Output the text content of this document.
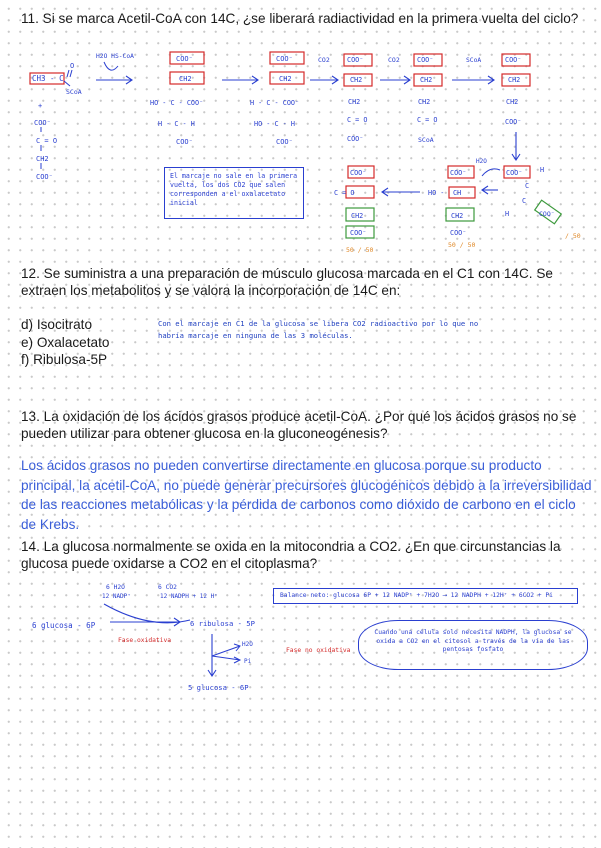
11. Si se marca Acetil-CoA con 14C, ¿se liberará radiactividad en la primera vuelta del ciclo?

CH3 - C
O
SCoA
+
COO⁻
C = O
CH2
COO⁻
H2O HS-CoA	COO⁻
CH2
HO - C - COO⁻
H - C - H
COO⁻
COO⁻
CH2
H - C - COO⁻
HO - C - H
COO⁻
CO2	COO⁻
CH2
CH2
C = O
COO⁻
CO2	COO⁻
CH2
CH2
C = O
SCoA
SCoA	COO⁻
CH2
CH2
COO⁻
COO⁻	H
C
C
H	COO⁻
/ 50
COO⁻
HO - CH
CH2
COO⁻
50 / 50
H2O
COO⁻
C = O
CH2
COO⁻
50 / 50
El marcaje no sale en la primera vuelta, los dos CO2 que salen corresponden a el oxalacetato inicial

12. Se suministra a una preparación de músculo glucosa marcada en el C1 con 14C. Se extraen los metabolitos y se valora la incorporación de 14C en:

d) Isocitrato
e) Oxalacetato
f) Ribulosa-5P
Con el marcaje en C1 de la glucosa se libera CO2 radioactivo por lo que no habría marcaje en ninguna de las 3 moléculas.

13. La oxidación de los ácidos grasos produce acetil-CoA. ¿Por qué los ácidos grasos no se pueden utilizar para obtener glucosa en la gluconeogénesis?

Los ácidos grasos no pueden convertirse directamente en glucosa porque su producto principal, la acetil-CoA, no puede generar precursores glucogénicos debido a la irreversibilidad de las reacciones metabólicas y la pérdida de carbonos como dióxido de carbono en el ciclo de Krebs.

14. La glucosa normalmente se oxida en la mitocondria a CO2. ¿En que circunstancias la glucosa puede oxidarse a CO2 en el citoplasma?

6 H2O
12 NADP⁺
6 CO2
12 NADPH + 12 H⁺
6 glucosa - 6P
Fase oxidativa
6 ribulosa - 5P
H2O
Pi
5 glucosa - 6P
Fase no oxidativa
Balance neto: glucosa 6P + 12 NADP⁺ + 7H2O ⟶ 12 NADPH + 12H⁺ + 6CO2 + Pi
Cuando una célula solo necesita NADPH, la glucosa se oxida a CO2 en el citosol a través de la vía de las pentosas fosfato
